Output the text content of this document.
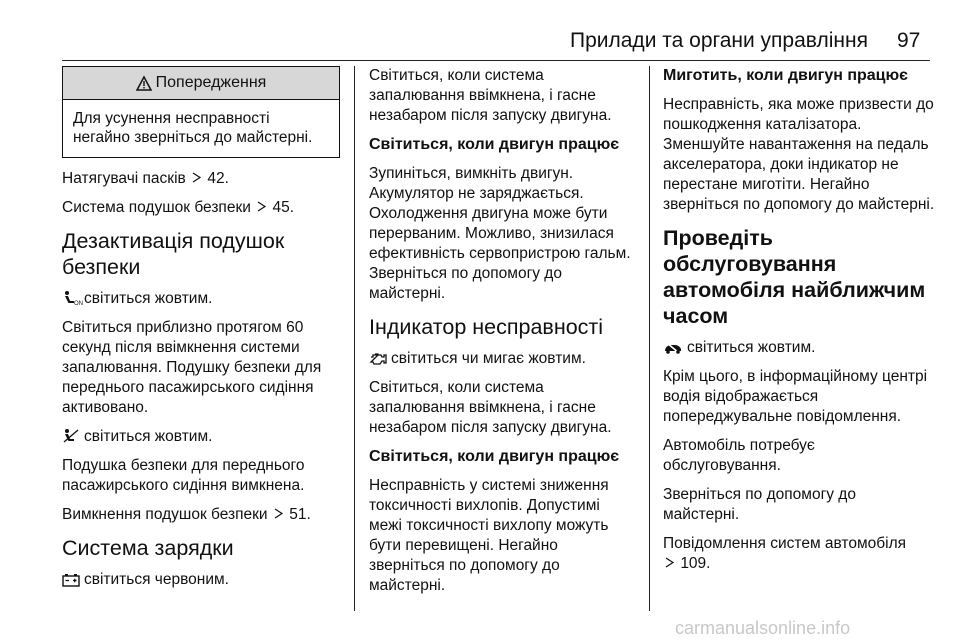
Прилади та органи управління 97
Попередження
Для усунення несправності негайно зверніться до майстерні.

Натягувачі пасків 42.

Система подушок безпеки 45.

Дезактивація подушок безпеки

ON світиться жовтим.

Світиться приблизно протягом 60 секунд після ввімкнення системи запалювання. Подушку безпеки для переднього пасажирського сидіння активовано.

світиться жовтим.

Подушка безпеки для переднього пасажирського сидіння вимкнена.

Вимкнення подушок безпеки 51.

Система зарядки

світиться червоним.

Світиться, коли система запалювання ввімкнена, і гасне незабаром після запуску двигуна.

Світиться, коли двигун працює

Зупиніться, вимкніть двигун. Акумулятор не заряджається. Охолодження двигуна може бути перерваним. Можливо, знизилася ефективність сервопристрою гальм. Зверніться по допомогу до майстерні.

Індикатор несправності

світиться чи мигає жовтим.

Світиться, коли система запалювання ввімкнена, і гасне незабаром після запуску двигуна.

Світиться, коли двигун працює

Несправність у системі зниження токсичності вихлопів. Допустимі межі токсичності вихлопу можуть бути перевищені. Негайно зверніться по допомогу до майстерні.

Миготить, коли двигун працює

Несправність, яка може призвести до пошкодження каталізатора. Зменшуйте навантаження на педаль акселератора, доки індикатор не перестане миготіти. Негайно зверніться по допомогу до майстерні.

Проведіть обслуговування автомобіля найближчим часом

світиться жовтим.

Крім цього, в інформаційному центрі водія відображається попереджувальне повідомлення.

Автомобіль потребує обслуговування.

Зверніться по допомогу до майстерні.

Повідомлення систем автомобіля
109.

carmanualsonline.info
